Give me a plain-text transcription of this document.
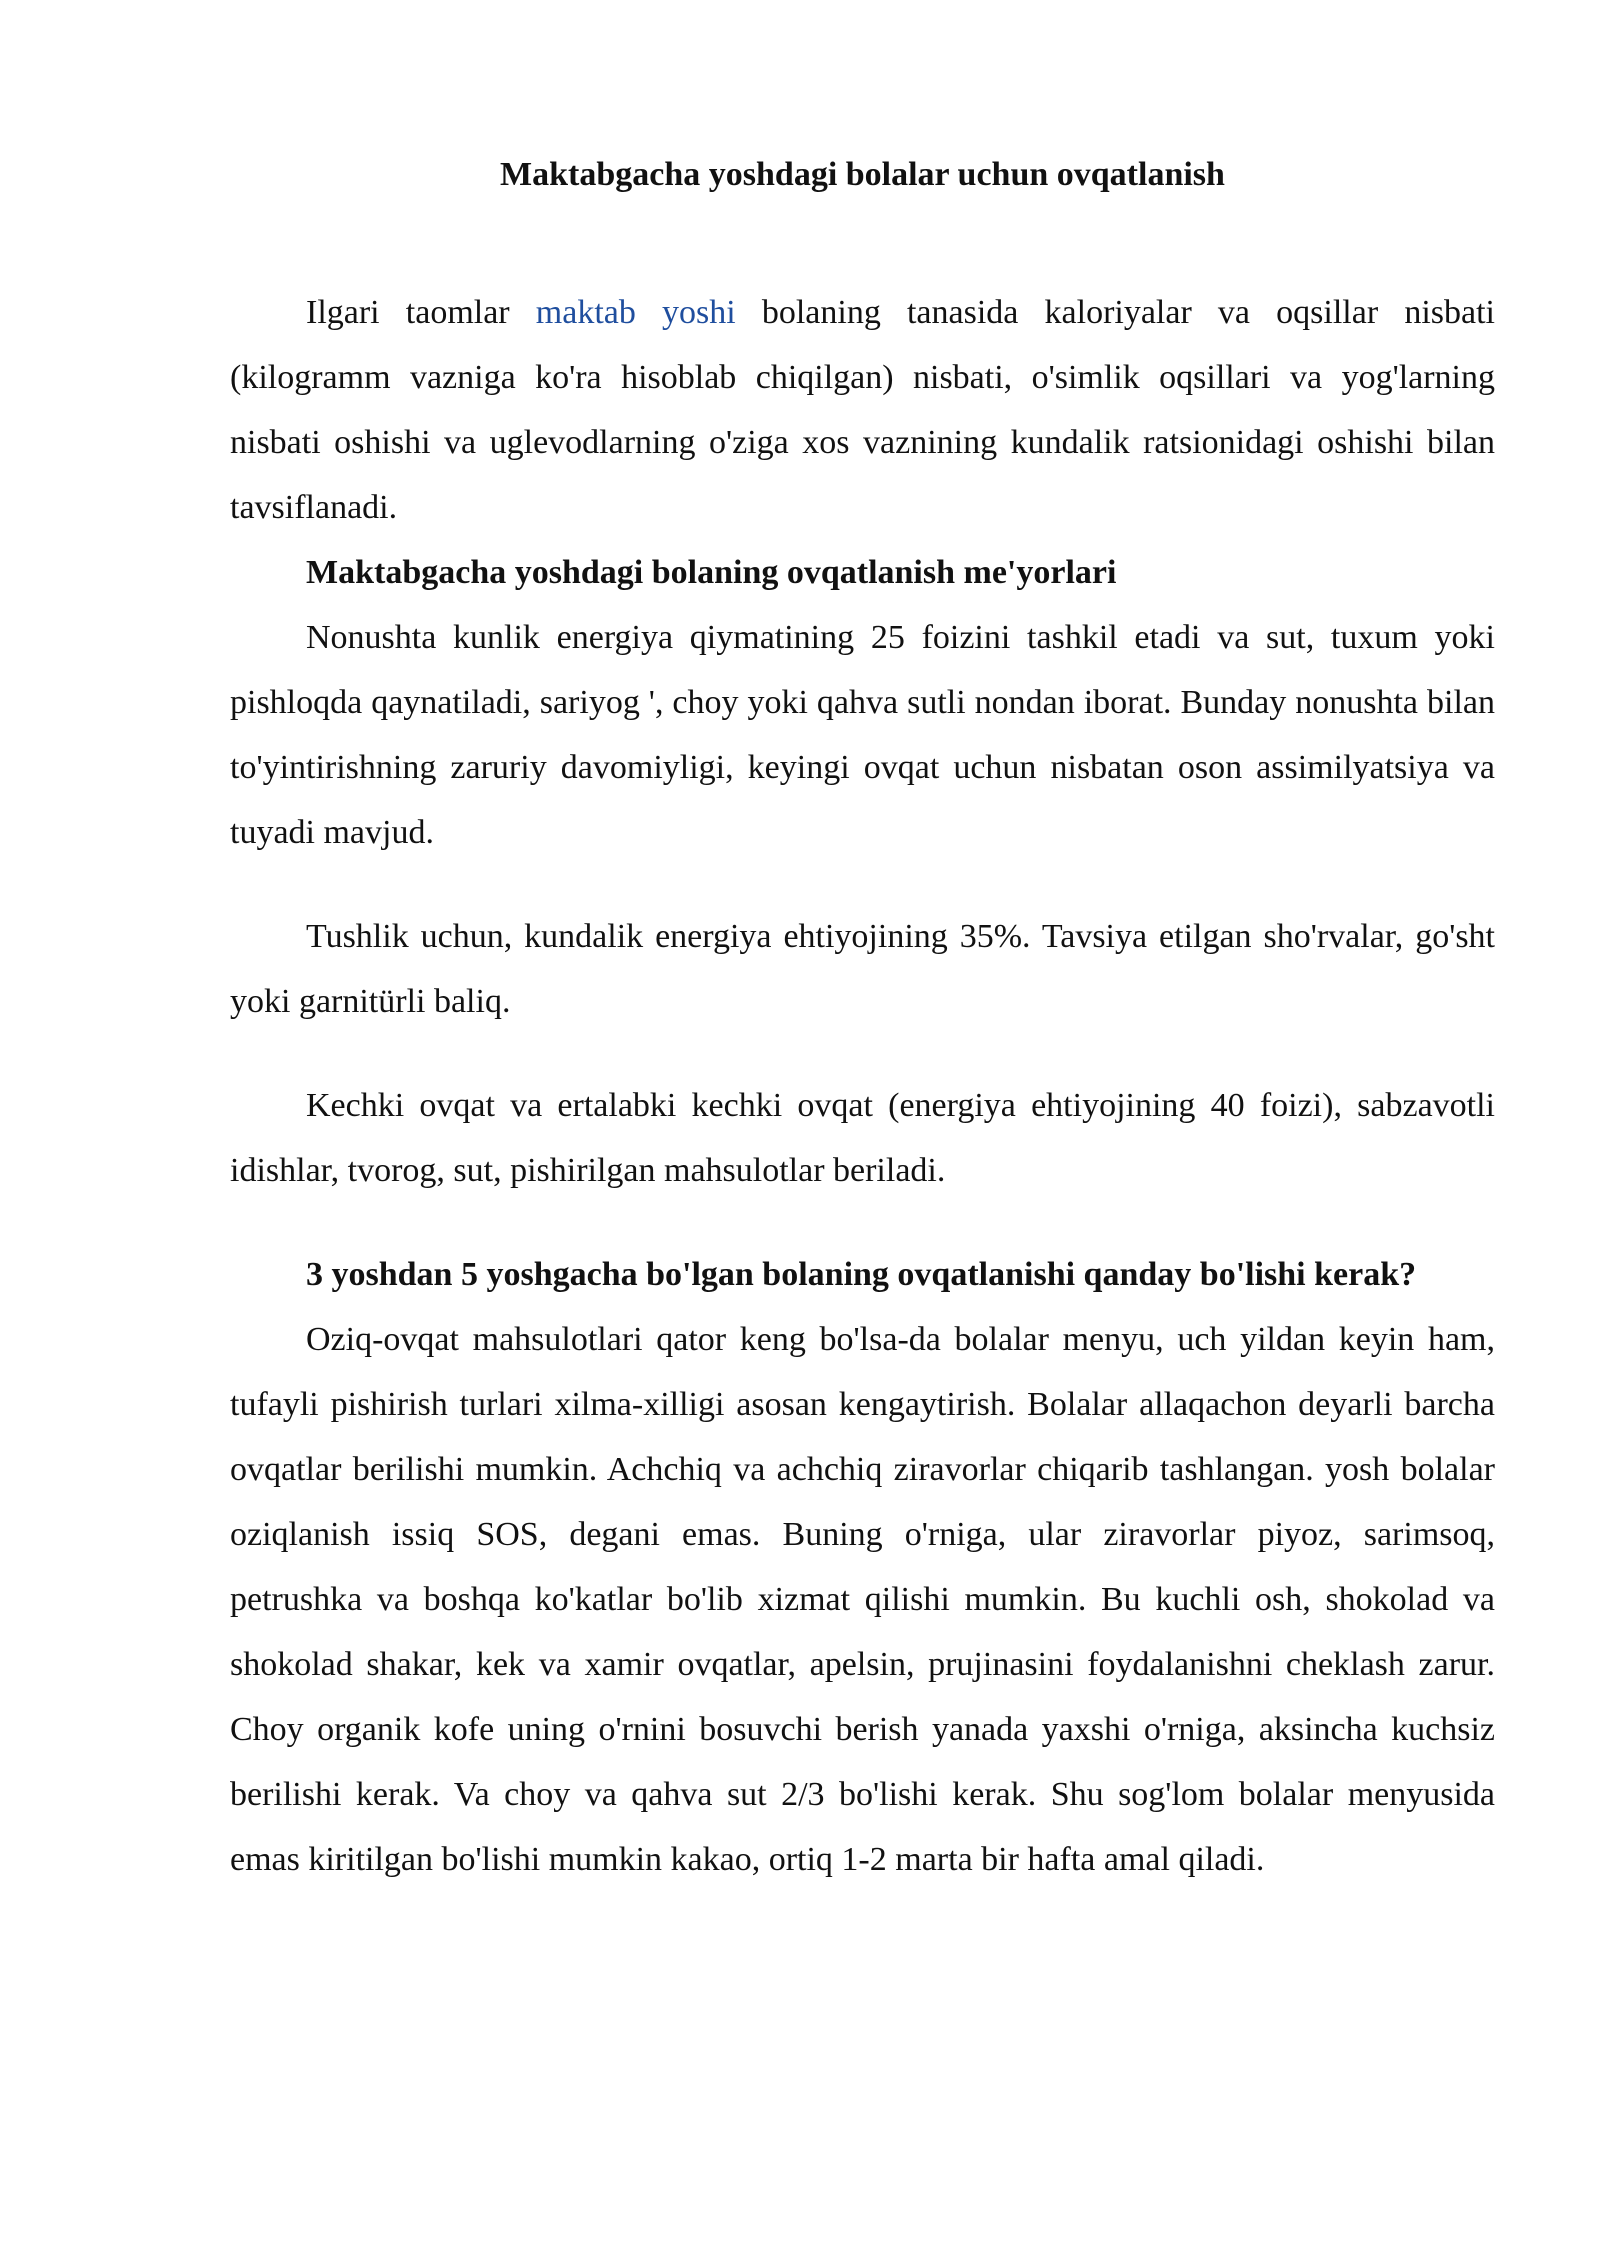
Maktabgacha yoshdagi bolalar uchun ovqatlanish

Ilgari taomlar maktab yoshi bolaning tanasida kaloriyalar va oqsillar nisbati (kilogramm vazniga ko'ra hisoblab chiqilgan) nisbati, o'simlik oqsillari va yog'larning nisbati oshishi va uglevodlarning o'ziga xos vaznining kundalik ratsionidagi oshishi bilan tavsiflanadi.

Maktabgacha yoshdagi bolaning ovqatlanish me'yorlari

Nonushta kunlik energiya qiymatining 25 foizini tashkil etadi va sut, tuxum yoki pishloqda qaynatiladi, sariyog ', choy yoki qahva sutli nondan iborat. Bunday nonushta bilan to'yintirishning zaruriy davomiyligi, keyingi ovqat uchun nisbatan oson assimilyatsiya va tuyadi mavjud.

Tushlik uchun, kundalik energiya ehtiyojining 35%. Tavsiya etilgan sho'rvalar, go'sht yoki garnitürli baliq.

Kechki ovqat va ertalabki kechki ovqat (energiya ehtiyojining 40 foizi), sabzavotli idishlar, tvorog, sut, pishirilgan mahsulotlar beriladi.

3 yoshdan 5 yoshgacha bo'lgan bolaning ovqatlanishi qanday bo'lishi kerak?

Oziq-ovqat mahsulotlari qator keng bo'lsa-da bolalar menyu, uch yildan keyin ham, tufayli pishirish turlari xilma-xilligi asosan kengaytirish. Bolalar allaqachon deyarli barcha ovqatlar berilishi mumkin. Achchiq va achchiq ziravorlar chiqarib tashlangan. yosh bolalar oziqlanish issiq SOS, degani emas. Buning o'rniga, ular ziravorlar piyoz, sarimsoq, petrushka va boshqa ko'katlar bo'lib xizmat qilishi mumkin. Bu kuchli osh, shokolad va shokolad shakar, kek va xamir ovqatlar, apelsin, prujinasini foydalanishni cheklash zarur. Choy organik kofe uning o'rnini bosuvchi berish yanada yaxshi o'rniga, aksincha kuchsiz berilishi kerak. Va choy va qahva sut 2/3 bo'lishi kerak. Shu sog'lom bolalar menyusida emas kiritilgan bo'lishi mumkin kakao, ortiq 1-2 marta bir hafta amal qiladi.
